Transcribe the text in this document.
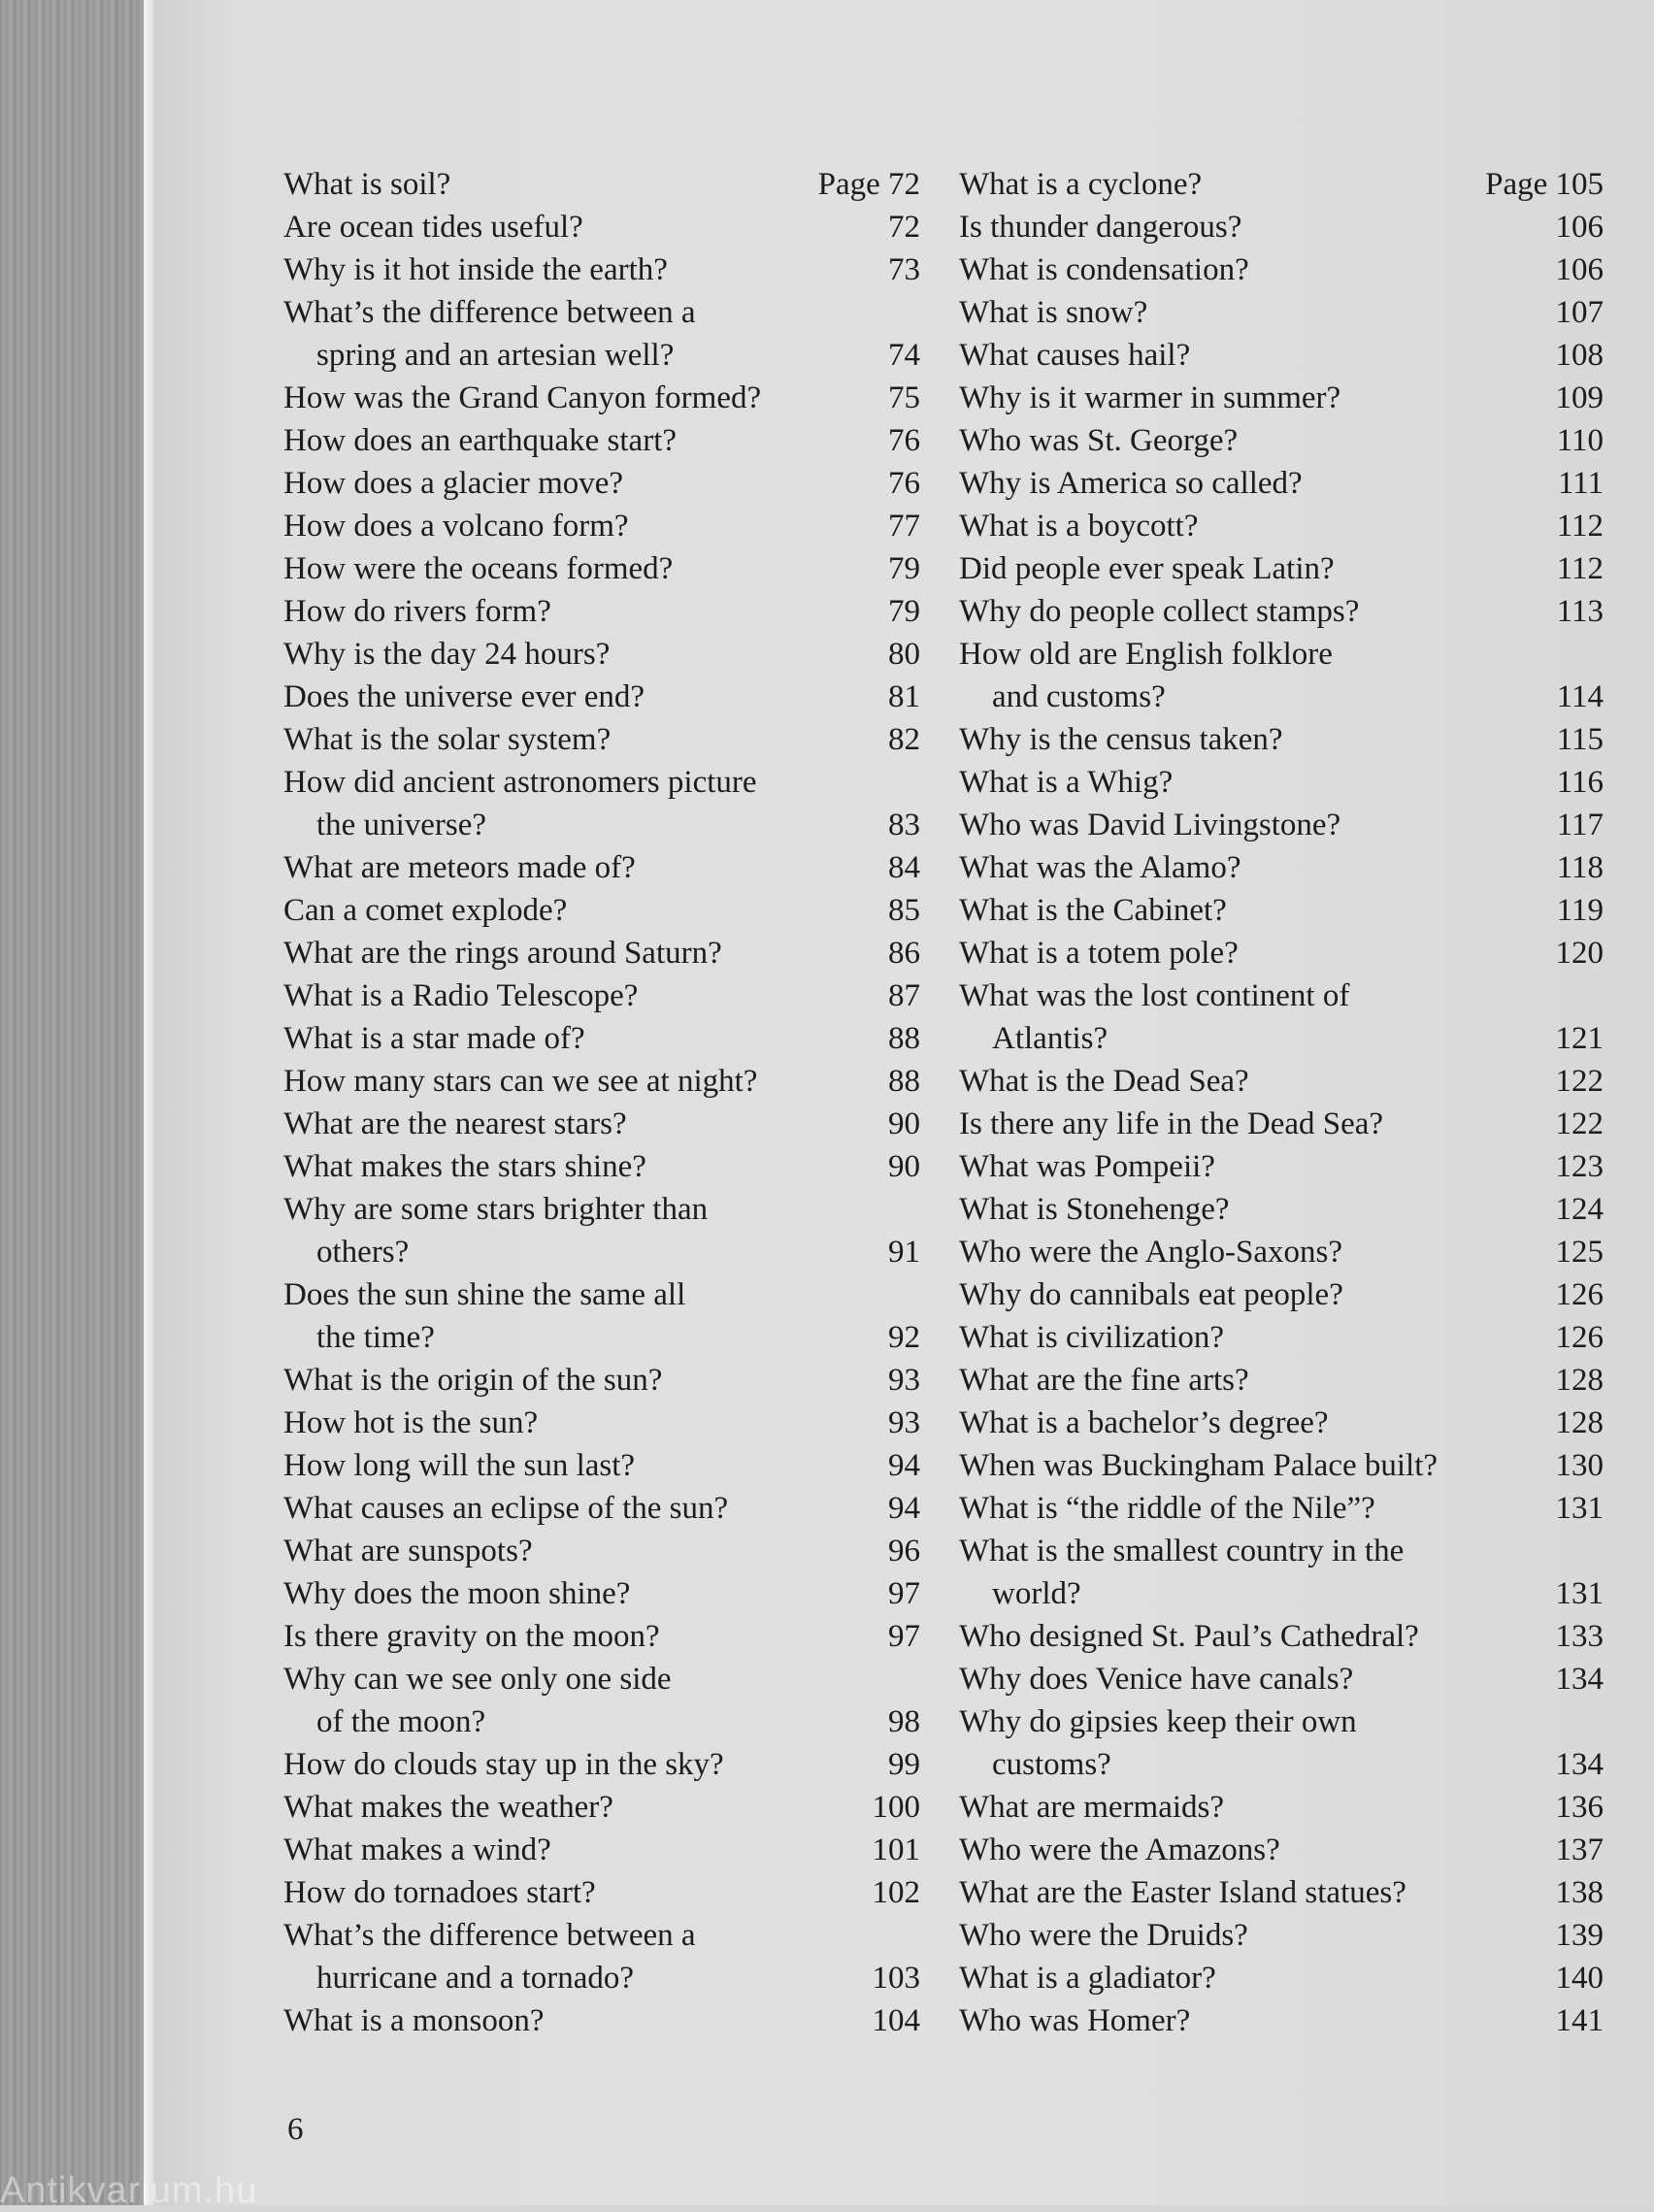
What is soil?	Page 72
Are ocean tides useful?	72
Why is it hot inside the earth?	73
What’s the difference between a
spring and an artesian well?	74
How was the Grand Canyon formed?	75
How does an earthquake start?	76
How does a glacier move?	76
How does a volcano form?	77
How were the oceans formed?	79
How do rivers form?	79
Why is the day 24 hours?	80
Does the universe ever end?	81
What is the solar system?	82
How did ancient astronomers picture
the universe?	83
What are meteors made of?	84
Can a comet explode?	85
What are the rings around Saturn?	86
What is a Radio Telescope?	87
What is a star made of?	88
How many stars can we see at night?	88
What are the nearest stars?	90
What makes the stars shine?	90
Why are some stars brighter than
others?	91
Does the sun shine the same all
the time?	92
What is the origin of the sun?	93
How hot is the sun?	93
How long will the sun last?	94
What causes an eclipse of the sun?	94
What are sunspots?	96
Why does the moon shine?	97
Is there gravity on the moon?	97
Why can we see only one side
of the moon?	98
How do clouds stay up in the sky?	99
What makes the weather?	100
What makes a wind?	101
How do tornadoes start?	102
What’s the difference between a
hurricane and a tornado?	103
What is a monsoon?	104
What is a cyclone?	Page 105
Is thunder dangerous?	106
What is condensation?	106
What is snow?	107
What causes hail?	108
Why is it warmer in summer?	109
Who was St. George?	110
Why is America so called?	111
What is a boycott?	112
Did people ever speak Latin?	112
Why do people collect stamps?	113
How old are English folklore
and customs?	114
Why is the census taken?	115
What is a Whig?	116
Who was David Livingstone?	117
What was the Alamo?	118
What is the Cabinet?	119
What is a totem pole?	120
What was the lost continent of
Atlantis?	121
What is the Dead Sea?	122
Is there any life in the Dead Sea?	122
What was Pompeii?	123
What is Stonehenge?	124
Who were the Anglo-Saxons?	125
Why do cannibals eat people?	126
What is civilization?	126
What are the fine arts?	128
What is a bachelor’s degree?	128
When was Buckingham Palace built?	130
What is “the riddle of the Nile”?	131
What is the smallest country in the
world?	131
Who designed St. Paul’s Cathedral?	133
Why does Venice have canals?	134
Why do gipsies keep their own
customs?	134
What are mermaids?	136
Who were the Amazons?	137
What are the Easter Island statues?	138
Who were the Druids?	139
What is a gladiator?	140
Who was Homer?	141
6
Antikvarium.hu
